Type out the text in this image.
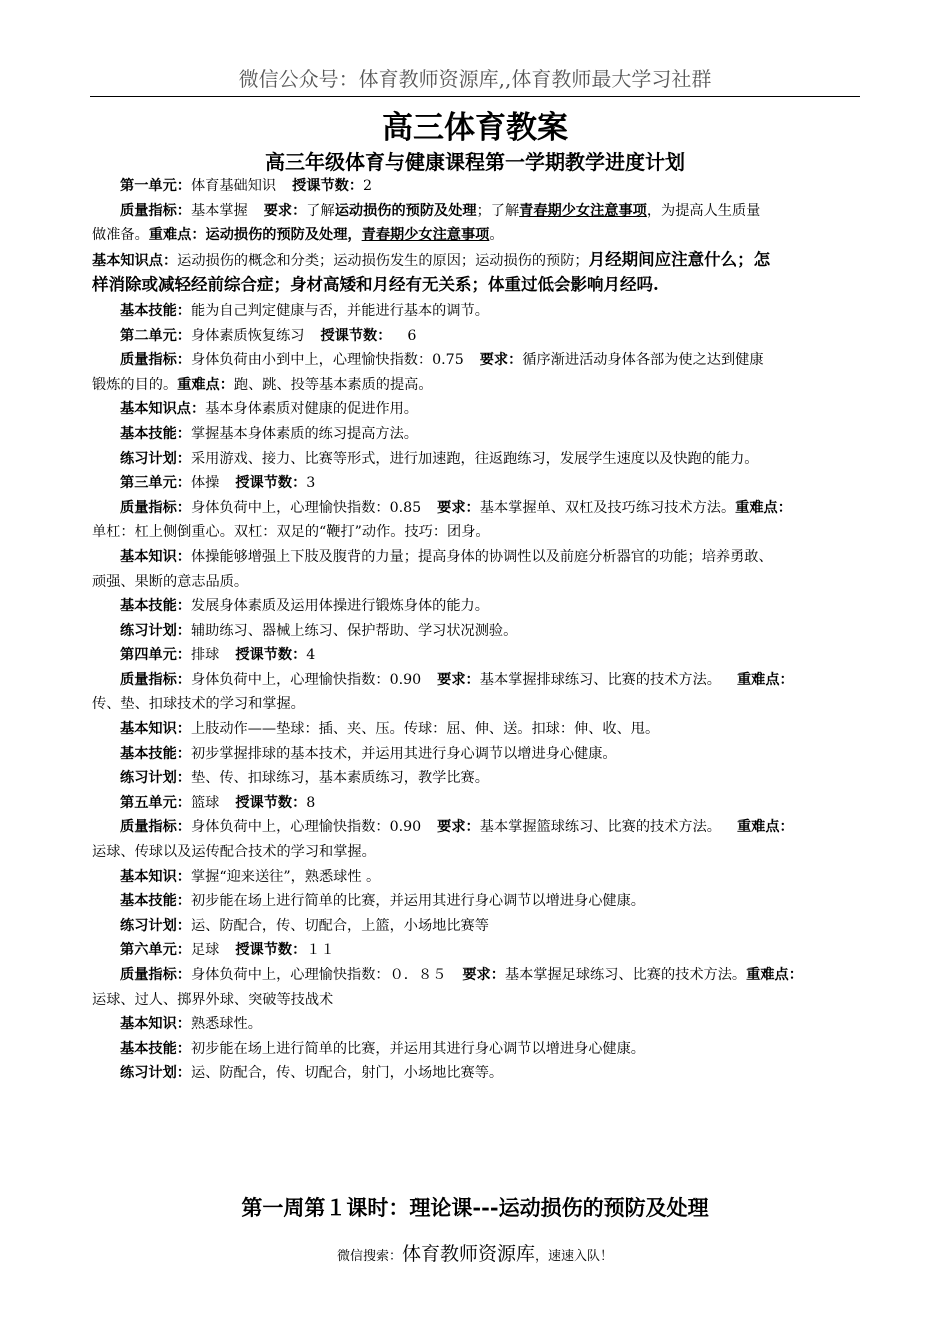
微信公众号：体育教师资源库,,体育教师最大学习社群
高三体育教案
高三年级体育与健康课程第一学期教学进度计划
第一单元：体育基础知识 授课节数：2
质量指标：基本掌握 要求：了解运动损伤的预防及处理；了解青春期少女注意事项，为提高人生质量
做准备。重难点：运动损伤的预防及处理，青春期少女注意事项。
基本知识点：运动损伤的概念和分类；运动损伤发生的原因；运动损伤的预防；月经期间应注意什么；怎
样消除或减轻经前综合症；身材高矮和月经有无关系；体重过低会影响月经吗.
基本技能：能为自己判定健康与否，并能进行基本的调节。
第二单元：身体素质恢复练习 授课节数： 6
质量指标：身体负荷由小到中上，心理愉快指数：0.75 要求：循序渐进活动身体各部为使之达到健康
锻炼的目的。重难点：跑、跳、投等基本素质的提高。
基本知识点：基本身体素质对健康的促进作用。
基本技能：掌握基本身体素质的练习提高方法。
练习计划：采用游戏、接力、比赛等形式，进行加速跑，往返跑练习，发展学生速度以及快跑的能力。
第三单元：体操 授课节数：3
质量指标：身体负荷中上，心理愉快指数：0.85 要求：基本掌握单、双杠及技巧练习技术方法。重难点：
单杠：杠上侧倒重心。双杠：双足的“鞭打”动作。技巧：团身。
基本知识：体操能够增强上下肢及腹背的力量；提高身体的协调性以及前庭分析器官的功能；培养勇敢、
顽强、果断的意志品质。
基本技能：发展身体素质及运用体操进行锻炼身体的能力。
练习计划：辅助练习、器械上练习、保护帮助、学习状况测验。
第四单元：排球 授课节数：4
质量指标：身体负荷中上，心理愉快指数：0.90 要求：基本掌握排球练习、比赛的技术方法。 重难点：
传、垫、扣球技术的学习和掌握。
基本知识：上肢动作——垫球：插、夹、压。传球：屈、伸、送。扣球：伸、收、甩。
基本技能：初步掌握排球的基本技术，并运用其进行身心调节以增进身心健康。
练习计划：垫、传、扣球练习，基本素质练习，教学比赛。
第五单元：篮球 授课节数：8
质量指标：身体负荷中上，心理愉快指数：0.90 要求：基本掌握篮球练习、比赛的技术方法。 重难点：
运球、传球以及运传配合技术的学习和掌握。
基本知识：掌握“迎来送往”，熟悉球性 。
基本技能：初步能在场上进行简单的比赛，并运用其进行身心调节以增进身心健康。
练习计划：运、防配合，传、切配合，上篮，小场地比赛等
第六单元：足球 授课节数：１１
质量指标：身体负荷中上，心理愉快指数：０．８５ 要求：基本掌握足球练习、比赛的技术方法。重难点：
运球、过人、掷界外球、突破等技战术
基本知识：熟悉球性。
基本技能：初步能在场上进行简单的比赛，并运用其进行身心调节以增进身心健康。
练习计划：运、防配合，传、切配合，射门，小场地比赛等。
第一周第１课时：理论课---运动损伤的预防及处理
微信搜索：体育教师资源库，速速入队！
